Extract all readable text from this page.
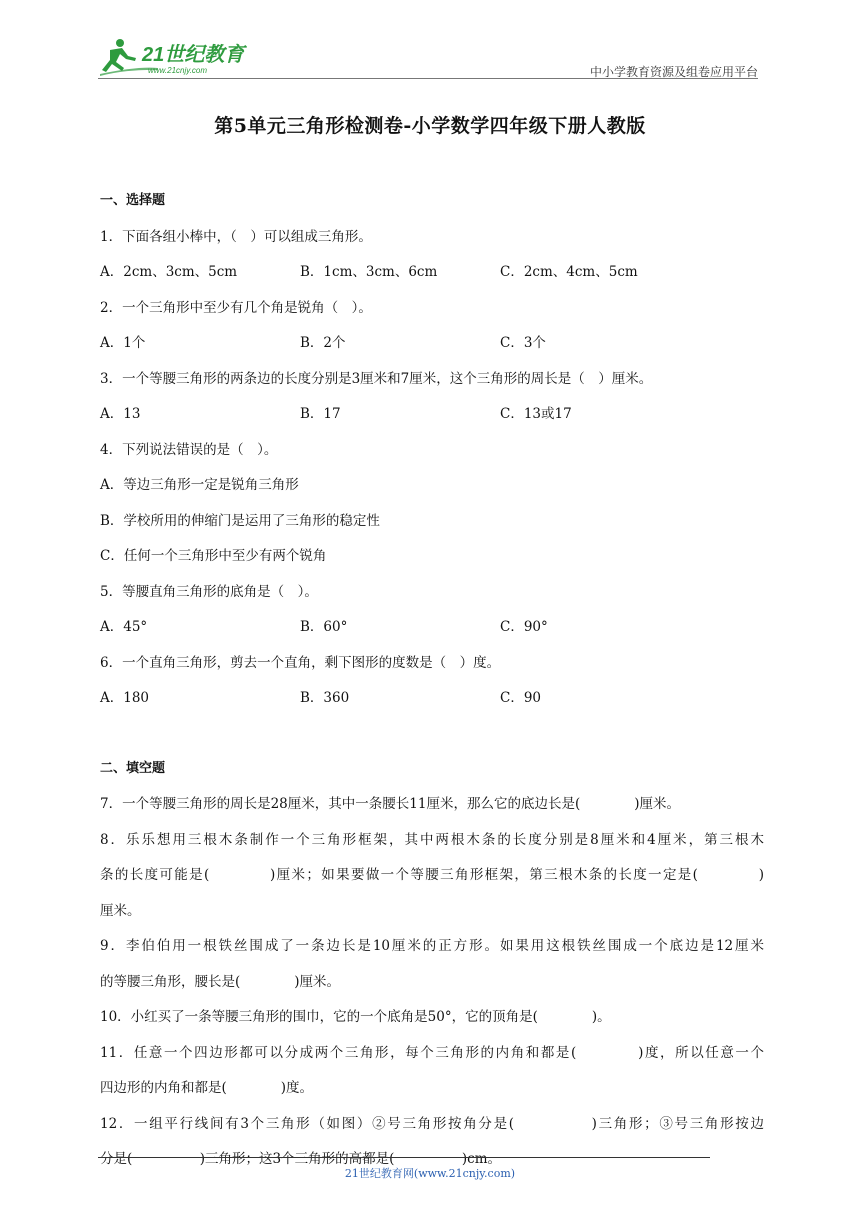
21世纪教育
www.21cnjy.com	中小学教育资源及组卷应用平台
第5单元三角形检测卷-小学数学四年级下册人教版
一、选择题
1．下面各组小棒中，（　）可以组成三角形。
A．2cm、3cm、5cm	B．1cm、3cm、6cm	C．2cm、4cm、5cm
2．一个三角形中至少有几个角是锐角（　）。
A．1个	B．2个	C．3个
3．一个等腰三角形的两条边的长度分别是3厘米和7厘米，这个三角形的周长是（　）厘米。
A．13	B．17	C．13或17
4．下列说法错误的是（　）。
A．等边三角形一定是锐角三角形
B．学校所用的伸缩门是运用了三角形的稳定性
C．任何一个三角形中至少有两个锐角
5．等腰直角三角形的底角是（　）。
A．45°	B．60°	C．90°
6．一个直角三角形，剪去一个直角，剩下图形的度数是（　）度。
A．180	B．360	C．90
二、填空题
7．一个等腰三角形的周长是28厘米，其中一条腰长11厘米，那么它的底边长是(　　　　)厘米。
8．乐乐想用三根木条制作一个三角形框架，其中两根木条的长度分别是8厘米和4厘米，第三根木
条的长度可能是(　　　　)厘米；如果要做一个等腰三角形框架，第三根木条的长度一定是(　　　　)
厘米。
9．李伯伯用一根铁丝围成了一条边长是10厘米的正方形。如果用这根铁丝围成一个底边是12厘米
的等腰三角形，腰长是(　　　　)厘米。
10．小红买了一条等腰三角形的围巾，它的一个底角是50°，它的顶角是(　　　　)。
11．任意一个四边形都可以分成两个三角形，每个三角形的内角和都是(　　　　)度，所以任意一个
四边形的内角和都是(　　　　)度。
12．一组平行线间有3个三角形（如图）②号三角形按角分是(　　　　　)三角形；③号三角形按边
分是(　　　　　)三角形；这3个三角形的高都是(　　　　　)cm。
21世纪教育网(www.21cnjy.com)
